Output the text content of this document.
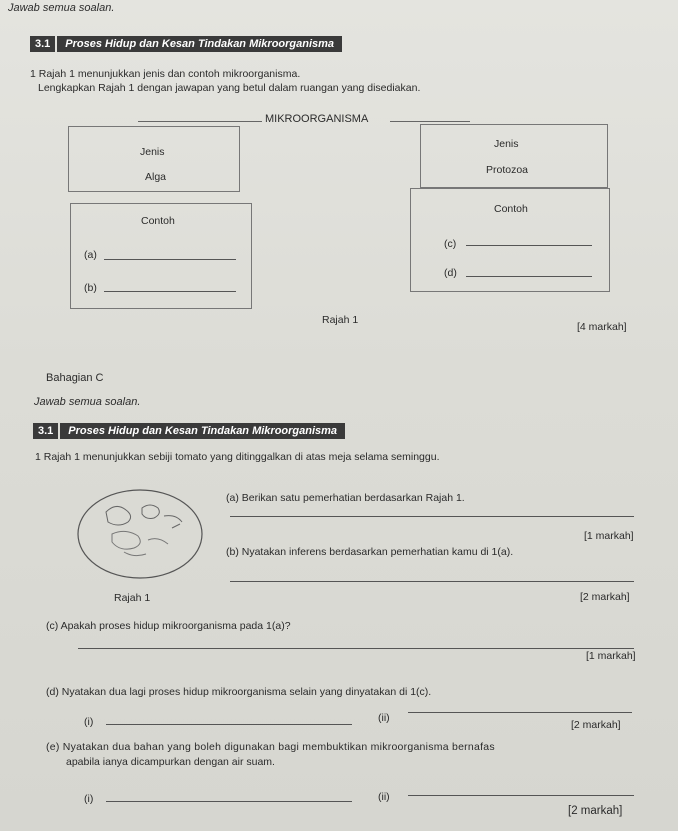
Jawab semua soalan.
3.1	Proses Hidup dan Kesan Tindakan Mikroorganisma
1 Rajah 1 menunjukkan jenis dan contoh mikroorganisma.
Lengkapkan Rajah 1 dengan jawapan yang betul dalam ruangan yang disediakan.
MIKROORGANISMA
Jenis
Alga
Jenis
Protozoa
Contoh
(a)
(b)
Contoh
(c)
(d)
Rajah 1
[4 markah]
Bahagian C
Jawab semua soalan.
3.1	Proses Hidup dan Kesan Tindakan Mikroorganisma
1 Rajah 1 menunjukkan sebiji tomato yang ditinggalkan di atas meja selama seminggu.
Rajah 1
(a) Berikan satu pemerhatian berdasarkan Rajah 1.
[1 markah]
(b) Nyatakan inferens berdasarkan pemerhatian kamu di 1(a).
[2 markah]
(c) Apakah proses hidup mikroorganisma pada 1(a)?
[1 markah]
(d) Nyatakan dua lagi proses hidup mikroorganisma selain yang dinyatakan di 1(c).
(i)	(ii)
[2 markah]
(e) Nyatakan dua bahan yang boleh digunakan bagi membuktikan mikroorganisma bernafas
apabila ianya dicampurkan dengan air suam.
(i)	(ii)
[2 markah]
